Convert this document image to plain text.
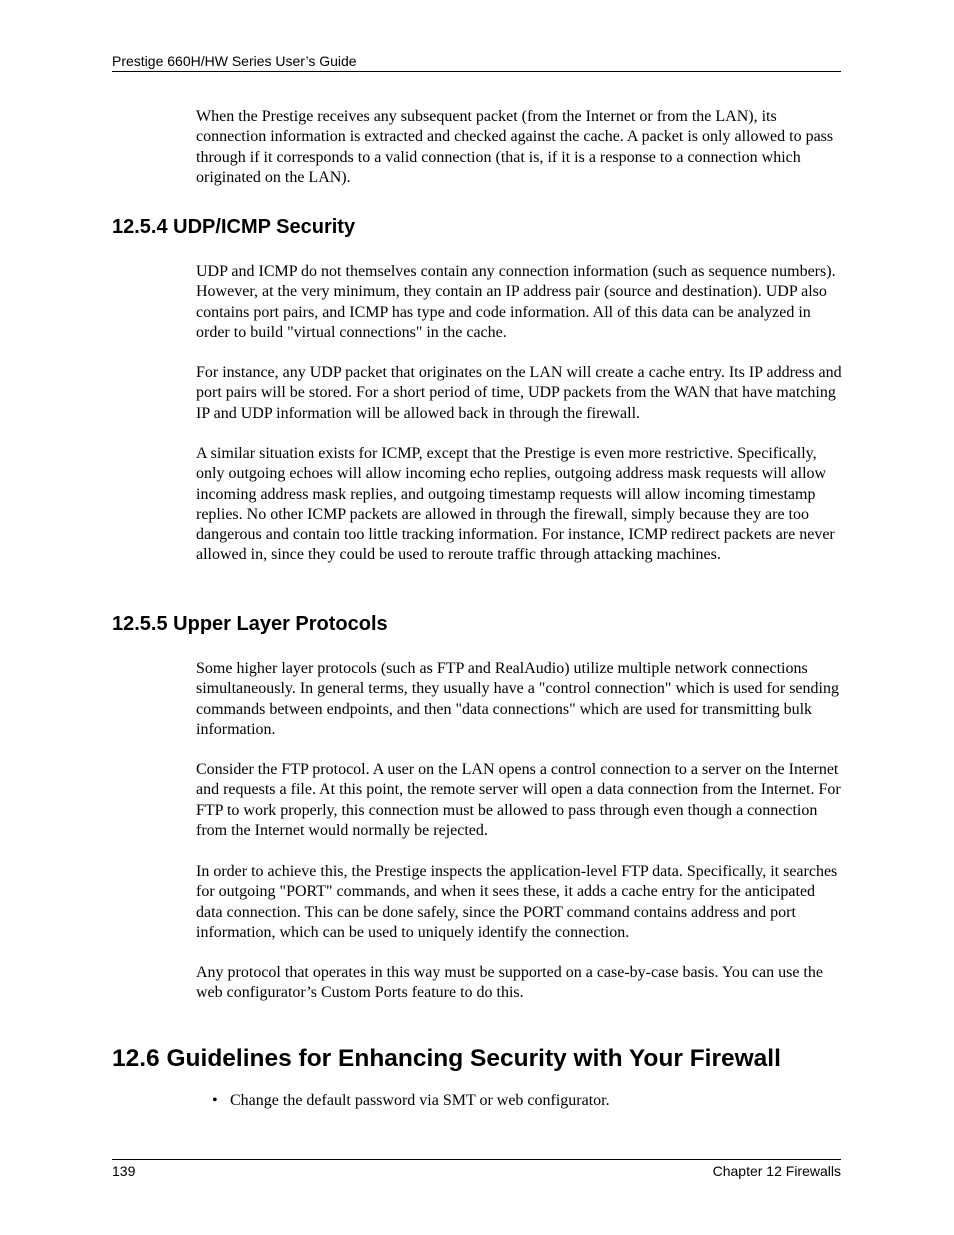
Prestige 660H/HW Series User’s Guide

When the Prestige receives any subsequent packet (from the Internet or from the LAN), its connection information is extracted and checked against the cache. A packet is only allowed to pass through if it corresponds to a valid connection (that is, if it is a response to a connection which originated on the LAN).

12.5.4 UDP/ICMP Security

UDP and ICMP do not themselves contain any connection information (such as sequence numbers). However, at the very minimum, they contain an IP address pair (source and destination). UDP also contains port pairs, and ICMP has type and code information. All of this data can be analyzed in order to build "virtual connections" in the cache.

For instance, any UDP packet that originates on the LAN will create a cache entry. Its IP address and port pairs will be stored. For a short period of time, UDP packets from the WAN that have matching IP and UDP information will be allowed back in through the firewall.

A similar situation exists for ICMP, except that the Prestige is even more restrictive. Specifically, only outgoing echoes will allow incoming echo replies, outgoing address mask requests will allow incoming address mask replies, and outgoing timestamp requests will allow incoming timestamp replies. No other ICMP packets are allowed in through the firewall, simply because they are too dangerous and contain too little tracking information. For instance, ICMP redirect packets are never allowed in, since they could be used to reroute traffic through attacking machines.

12.5.5 Upper Layer Protocols

Some higher layer protocols (such as FTP and RealAudio) utilize multiple network connections simultaneously. In general terms, they usually have a "control connection" which is used for sending commands between endpoints, and then "data connections" which are used for transmitting bulk information.

Consider the FTP protocol. A user on the LAN opens a control connection to a server on the Internet and requests a file. At this point, the remote server will open a data connection from the Internet. For FTP to work properly, this connection must be allowed to pass through even though a connection from the Internet would normally be rejected.

In order to achieve this, the Prestige inspects the application-level FTP data. Specifically, it searches for outgoing "PORT" commands, and when it sees these, it adds a cache entry for the anticipated data connection. This can be done safely, since the PORT command contains address and port information, which can be used to uniquely identify the connection.

Any protocol that operates in this way must be supported on a case-by-case basis. You can use the web configurator’s Custom Ports feature to do this.

12.6 Guidelines for Enhancing Security with Your Firewall
• Change the default password via SMT or web configurator.
139	Chapter 12 Firewalls
